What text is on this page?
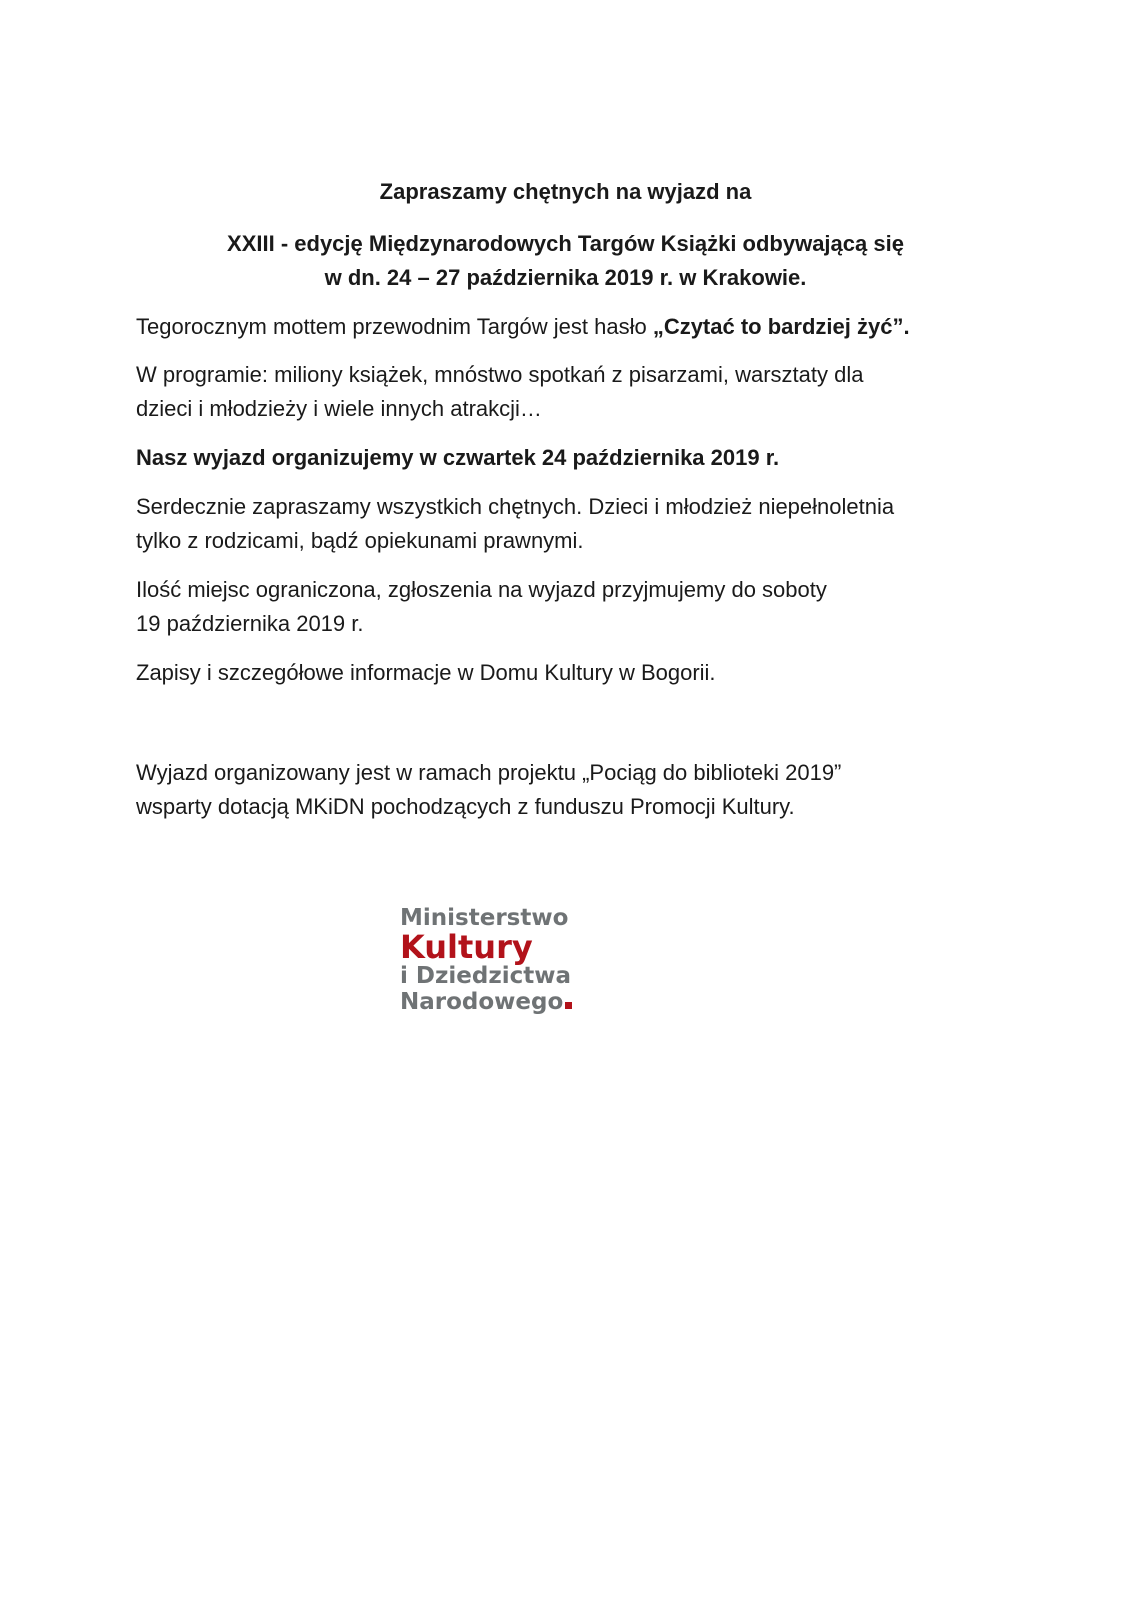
Zapraszamy chętnych na wyjazd na
XXIII - edycję Międzynarodowych Targów Książki odbywającą się
w dn. 24 – 27 października 2019 r. w Krakowie.
Tegorocznym mottem przewodnim Targów jest hasło „Czytać to bardziej żyć”.
W programie: miliony książek, mnóstwo spotkań z pisarzami, warsztaty dla
dzieci i młodzieży i wiele innych atrakcji…
Nasz wyjazd organizujemy w czwartek 24 października 2019 r.
Serdecznie zapraszamy wszystkich chętnych. Dzieci i młodzież niepełnoletnia
tylko z rodzicami, bądź opiekunami prawnymi.
Ilość miejsc ograniczona, zgłoszenia na wyjazd przyjmujemy do soboty
19 października 2019 r.
Zapisy i szczegółowe informacje w Domu Kultury w Bogorii.
Wyjazd organizowany jest w ramach projektu „Pociąg do biblioteki 2019”
wsparty dotacją MKiDN pochodzących z funduszu Promocji Kultury.
Ministerstwo
Kultury
i Dziedzictwa
Narodowego
